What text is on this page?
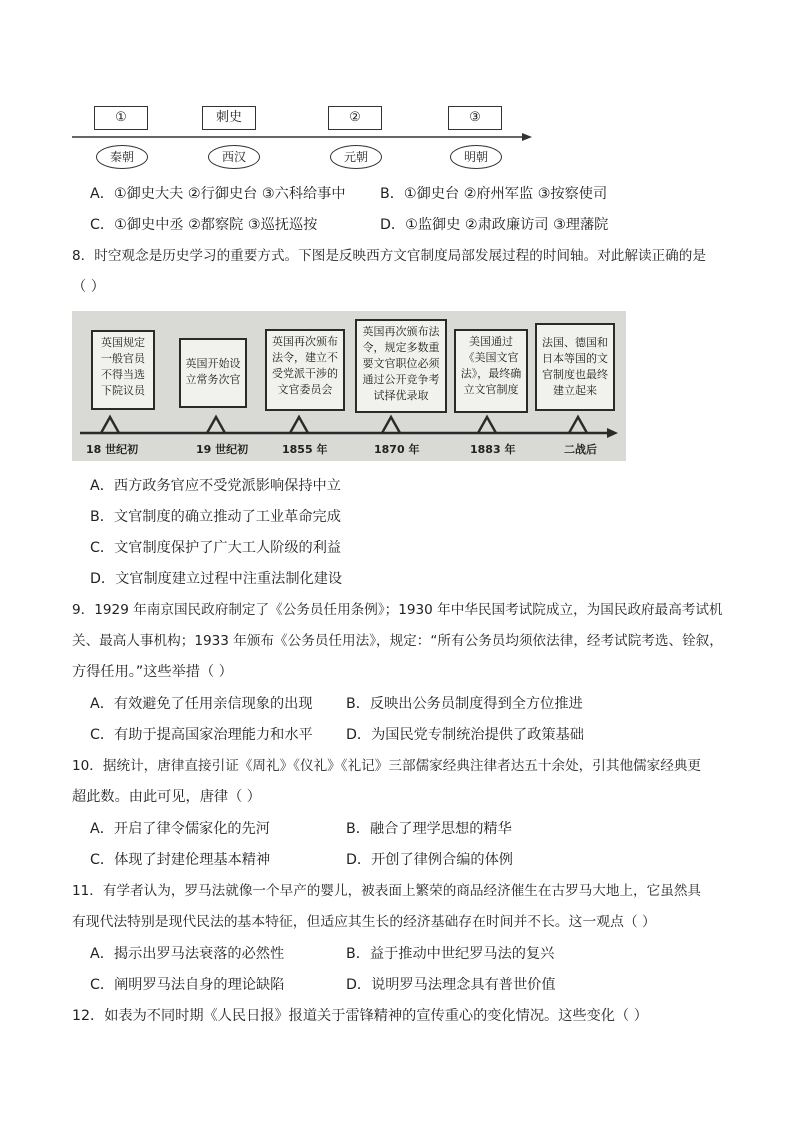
①	刺史	②	③
秦朝	西汉	元朝	明朝
A．①御史大夫 ②行御史台 ③六科给事中 B．①御史台 ②府州军监 ③按察使司
C．①御史中丞 ②都察院 ③巡抚巡按	D．①监御史 ②肃政廉访司 ③理藩院
8．时空观念是历史学习的重要方式。下图是反映西方文官制度局部发展过程的时间轴。对此解读正确的是
（ ）
英国规定一般官员不得当选下院议员
英国开始设立常务次官
英国再次颁布法令，建立不受党派干涉的文官委员会
英国再次颁布法令，规定多数重要文官职位必须通过公开竞争考试择优录取
美国通过《美国文官法》，最终确立文官制度
法国、德国和日本等国的文官制度也最终建立起来
18 世纪初	19 世纪初	1855 年	1870 年	1883 年	二战后
A．西方政务官应不受党派影响保持中立
B．文官制度的确立推动了工业革命完成
C．文官制度保护了广大工人阶级的利益
D．文官制度建立过程中注重法制化建设
9．1929 年南京国民政府制定了《公务员任用条例》；1930 年中华民国考试院成立，为国民政府最高考试机
关、最高人事机构；1933 年颁布《公务员任用法》，规定：“所有公务员均须依法律，经考试院考选、铨叙，
方得任用。”这些举措（ ）
A．有效避免了任用亲信现象的出现 B．反映出公务员制度得到全方位推进
C．有助于提高国家治理能力和水平 D．为国民党专制统治提供了政策基础
10．据统计，唐律直接引证《周礼》《仪礼》《礼记》三部儒家经典注律者达五十余处，引其他儒家经典更
超此数。由此可见，唐律（ ）
A．开启了律令儒家化的先河	B．融合了理学思想的精华
C．体现了封建伦理基本精神	D．开创了律例合编的体例
11．有学者认为，罗马法就像一个早产的婴儿，被表面上繁荣的商品经济催生在古罗马大地上，它虽然具
有现代法特别是现代民法的基本特征，但适应其生长的经济基础存在时间并不长。这一观点（ ）
A．揭示出罗马法衰落的必然性	B．益于推动中世纪罗马法的复兴
C．阐明罗马法自身的理论缺陷	D．说明罗马法理念具有普世价值
12．如表为不同时期《人民日报》报道关于雷锋精神的宣传重心的变化情况。这些变化（ ）
